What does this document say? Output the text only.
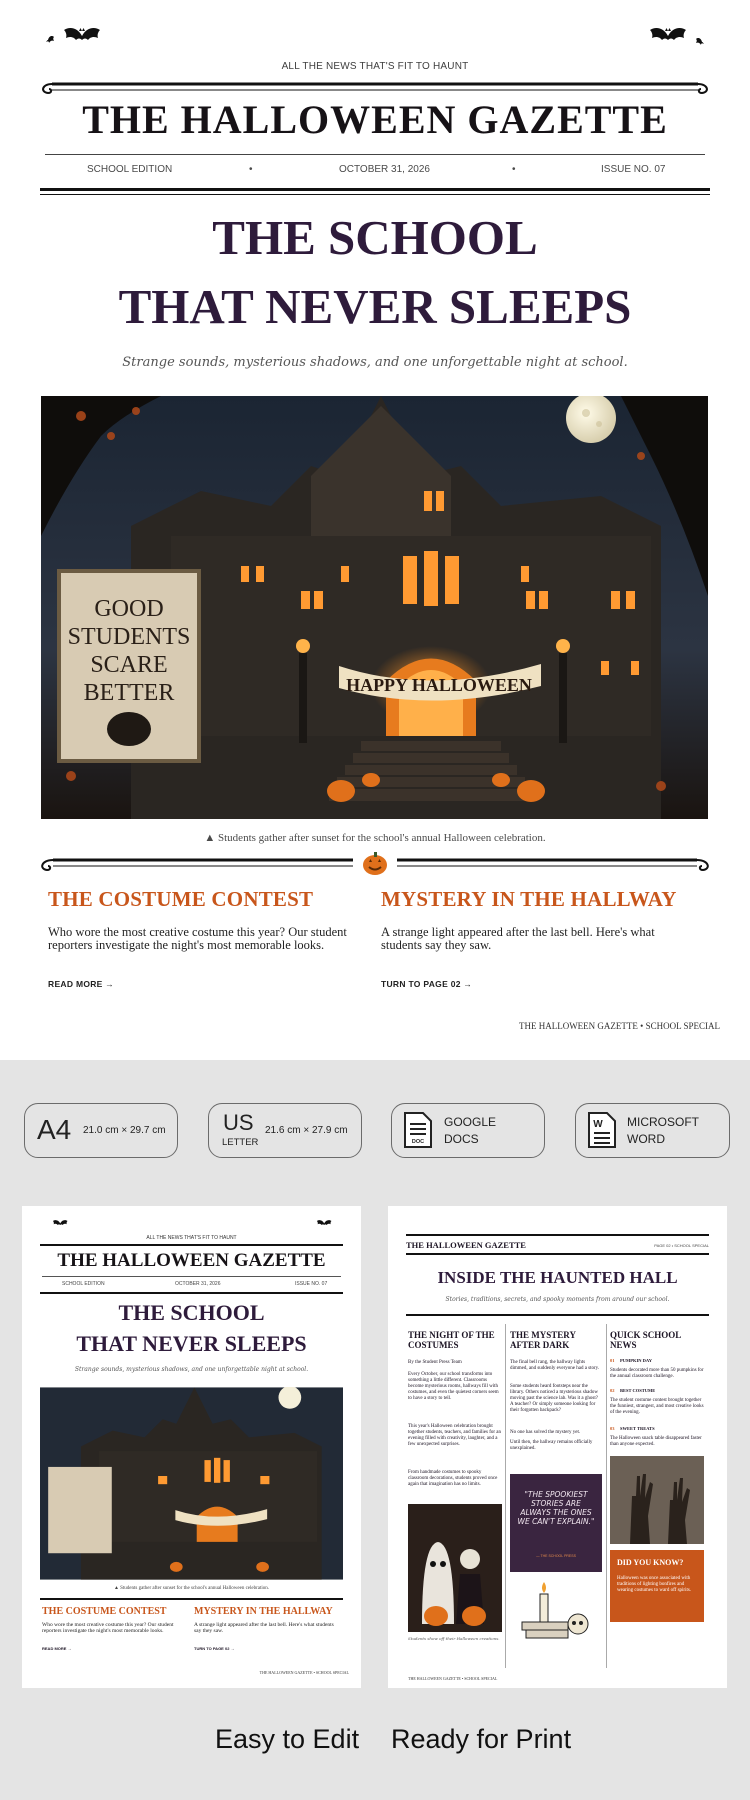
ALL THE NEWS THAT'S FIT TO HAUNT
THE HALLOWEEN GAZETTE
SCHOOL EDITION	•	OCTOBER 31, 2026	•	ISSUE NO. 07
THE SCHOOL
THAT NEVER SLEEPS
Strange sounds, mysterious shadows, and one unforgettable night at school.
HAPPY HALLOWEEN
GOOD
STUDENTS
SCARE
BETTER
▲ Students gather after sunset for the school's annual Halloween celebration.
THE COSTUME CONTEST
Who wore the most creative costume this year? Our student reporters investigate the night's most memorable looks.
READ MORE →
MYSTERY IN THE HALLWAY
A strange light appeared after the last bell. Here's what students say they saw.
TURN TO PAGE 02 →
THE HALLOWEEN GAZETTE • SCHOOL SPECIAL
A4 21.0 cm × 29.7 cm	US
LETTER
21.6 cm × 27.9 cm
DOC
GOOGLE
DOCS
W MICROSOFT
WORD
ALL THE NEWS THAT'S FIT TO HAUNT
THE HALLOWEEN GAZETTE
SCHOOL EDITION	OCTOBER 31, 2026	ISSUE NO. 07
THE SCHOOL
THAT NEVER SLEEPS
Strange sounds, mysterious shadows, and one unforgettable night at school.
▲ Students gather after sunset for the school's annual Halloween celebration.
THE COSTUME CONTEST
Who wore the most creative costume this year? Our student reporters investigate the night's most memorable looks.
READ MORE →
MYSTERY IN THE HALLWAY
A strange light appeared after the last bell. Here's what students say they saw.
TURN TO PAGE 02 →
THE HALLOWEEN GAZETTE • SCHOOL SPECIAL
THE HALLOWEEN GAZETTE	PAGE 02 • SCHOOL SPECIAL
INSIDE THE HAUNTED HALL
Stories, traditions, secrets, and spooky moments from around our school.
THE NIGHT OF THE COSTUMES
By the Student Press Team
Every October, our school transforms into something a little different. Classrooms become mysterious rooms, hallways fill with costumes, and even the quietest corners seem to have a story to tell.
This year's Halloween celebration brought together students, teachers, and families for an evening filled with creativity, laughter, and a few unexpected surprises.
From handmade costumes to spooky classroom decorations, students proved once again that imagination has no limits.
Students show off their Halloween creations.
THE MYSTERY AFTER DARK
The final bell rang, the hallway lights dimmed, and suddenly everyone had a story.
Some students heard footsteps near the library. Others noticed a mysterious shadow moving past the science lab. Was it a ghost? A teacher? Or simply someone looking for their forgotten backpack?
No one has solved the mystery yet.
Until then, the hallway remains officially unexplained.
"THE SPOOKIEST STORIES ARE ALWAYS THE ONES WE CAN'T EXPLAIN."
— THE SCHOOL PRESS
QUICK SCHOOL NEWS
01 PUMPKIN DAY
Students decorated more than 50 pumpkins for the annual classroom challenge.
02 BEST COSTUME
The student costume contest brought together the funniest, strangest, and most creative looks of the evening.
03 SWEET TREATS
The Halloween snack table disappeared faster than anyone expected.
DID YOU KNOW?
Halloween was once associated with traditions of lighting bonfires and wearing costumes to ward off spirits.
THE HALLOWEEN GAZETTE • SCHOOL SPECIAL
Easy to Edit Ready for Print
